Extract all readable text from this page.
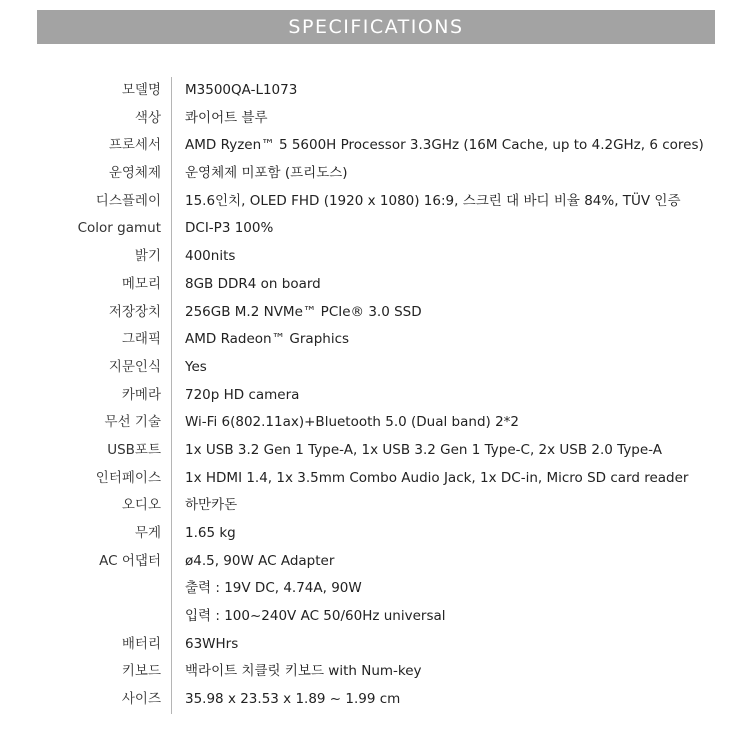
SPECIFICATIONS
모델명 M3500QA-L1073
색상 콰이어트 블루
프로세서 AMD Ryzen™ 5 5600H Processor 3.3GHz (16M Cache, up to 4.2GHz, 6 cores)
운영체제 운영체제 미포함 (프리도스)
디스플레이 15.6인치, OLED FHD (1920 x 1080) 16:9, 스크린 대 바디 비율 84%, TÜV 인증
Color gamut DCI-P3 100%
밝기 400nits
메모리 8GB DDR4 on board
저장장치 256GB M.2 NVMe™ PCIe® 3.0 SSD
그래픽 AMD Radeon™ Graphics
지문인식 Yes
카메라 720p HD camera
무선 기술 Wi-Fi 6(802.11ax)+Bluetooth 5.0 (Dual band) 2*2
USB포트 1x USB 3.2 Gen 1 Type-A, 1x USB 3.2 Gen 1 Type-C, 2x USB 2.0 Type-A
인터페이스 1x HDMI 1.4, 1x 3.5mm Combo Audio Jack, 1x DC-in, Micro SD card reader
오디오 하만카돈
무게 1.65 kg
AC 어댑터 ø4.5, 90W AC Adapter
출력 : 19V DC, 4.74A, 90W
입력 : 100~240V AC 50/60Hz universal
배터리 63WHrs
키보드 백라이트 치클릿 키보드 with Num-key
사이즈 35.98 x 23.53 x 1.89 ~ 1.99 cm
